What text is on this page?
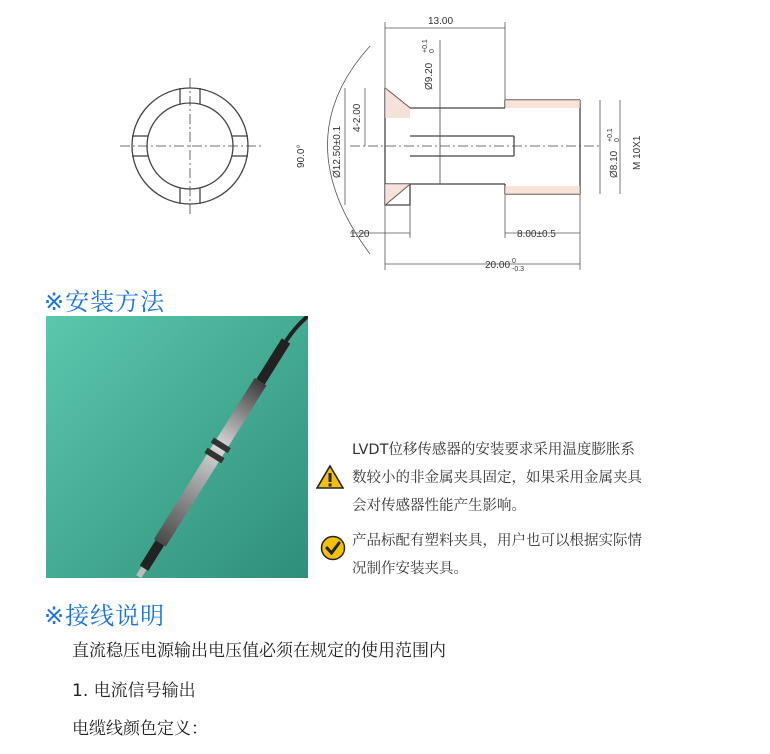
13.00
Ø9.20
+0.1 0
4-2.00
Ø12.50±0.1
90.0°	Ø8.10
+0.1 0 M 10X1
1.20	8.00±0.5
20.00 0
-0.3
※安装方法
LVDT位移传感器的安装要求采用温度膨胀系
数较小的非金属夹具固定，如果采用金属夹具
会对传感器性能产生影响。
产品标配有塑料夹具，用户也可以根据实际情
况制作安装夹具。
※接线说明
直流稳压电源输出电压值必须在规定的使用范围内
1. 电流信号输出
电缆线颜色定义：
